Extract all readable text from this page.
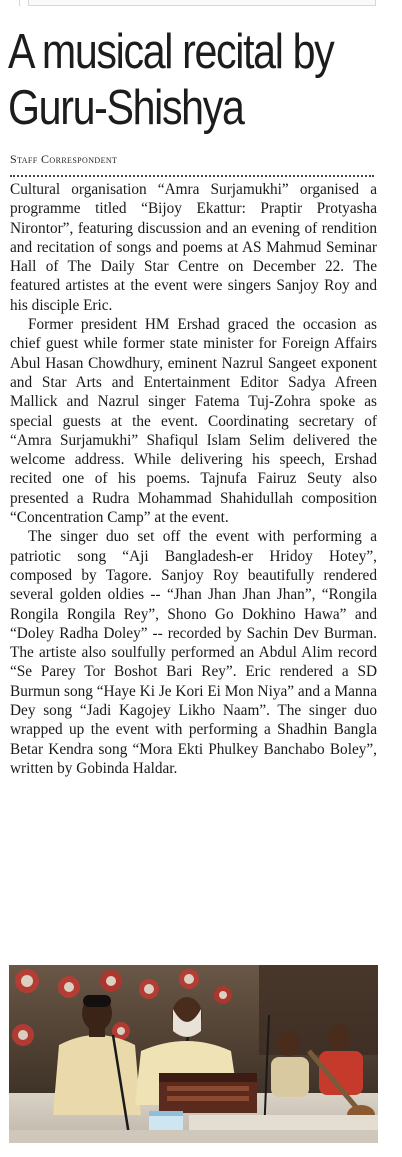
A musical recital by
Guru-Shishya
Staff Correspondent

Cultural organisation “Amra Surjamukhi” organised a programme titled “Bijoy Ekattur: Praptir Protyasha Nirontor”, featuring discussion and an evening of rendition and recitation of songs and poems at AS Mahmud Seminar Hall of The Daily Star Centre on December 22. The featured artistes at the event were singers Sanjoy Roy and his disciple Eric.

Former president HM Ershad graced the occasion as chief guest while former state minister for Foreign Affairs Abul Hasan Chowdhury, eminent Nazrul Sangeet exponent and Star Arts and Entertainment Editor Sadya Afreen Mallick and Nazrul singer Fatema Tuj-Zohra spoke as special guests at the event. Coordinating secretary of “Amra Surjamukhi” Shafiqul Islam Selim delivered the welcome address. While delivering his speech, Ershad recited one of his poems. Tajnufa Fairuz Seuty also presented a Rudra Mohammad Shahidullah composition “Concentration Camp” at the event.

The singer duo set off the event with performing a patriotic song “Aji Bangladesh-er Hridoy Hotey”, composed by Tagore. Sanjoy Roy beautifully rendered several golden oldies -- “Jhan Jhan Jhan Jhan”, “Rongila Rongila Rongila Rey”, Shono Go Dokhino Hawa” and “Doley Radha Doley” -- recorded by Sachin Dev Burman. The artiste also soulfully performed an Abdul Alim record “Se Parey Tor Boshot Bari Rey”. Eric rendered a SD Burmun song “Haye Ki Je Kori Ei Mon Niya” and a Manna Dey song “Jadi Kagojey Likho Naam”. The singer duo wrapped up the event with performing a Shadhin Bangla Betar Kendra song “Mora Ekti Phulkey Banchabo Boley”, written by Gobinda Haldar.
